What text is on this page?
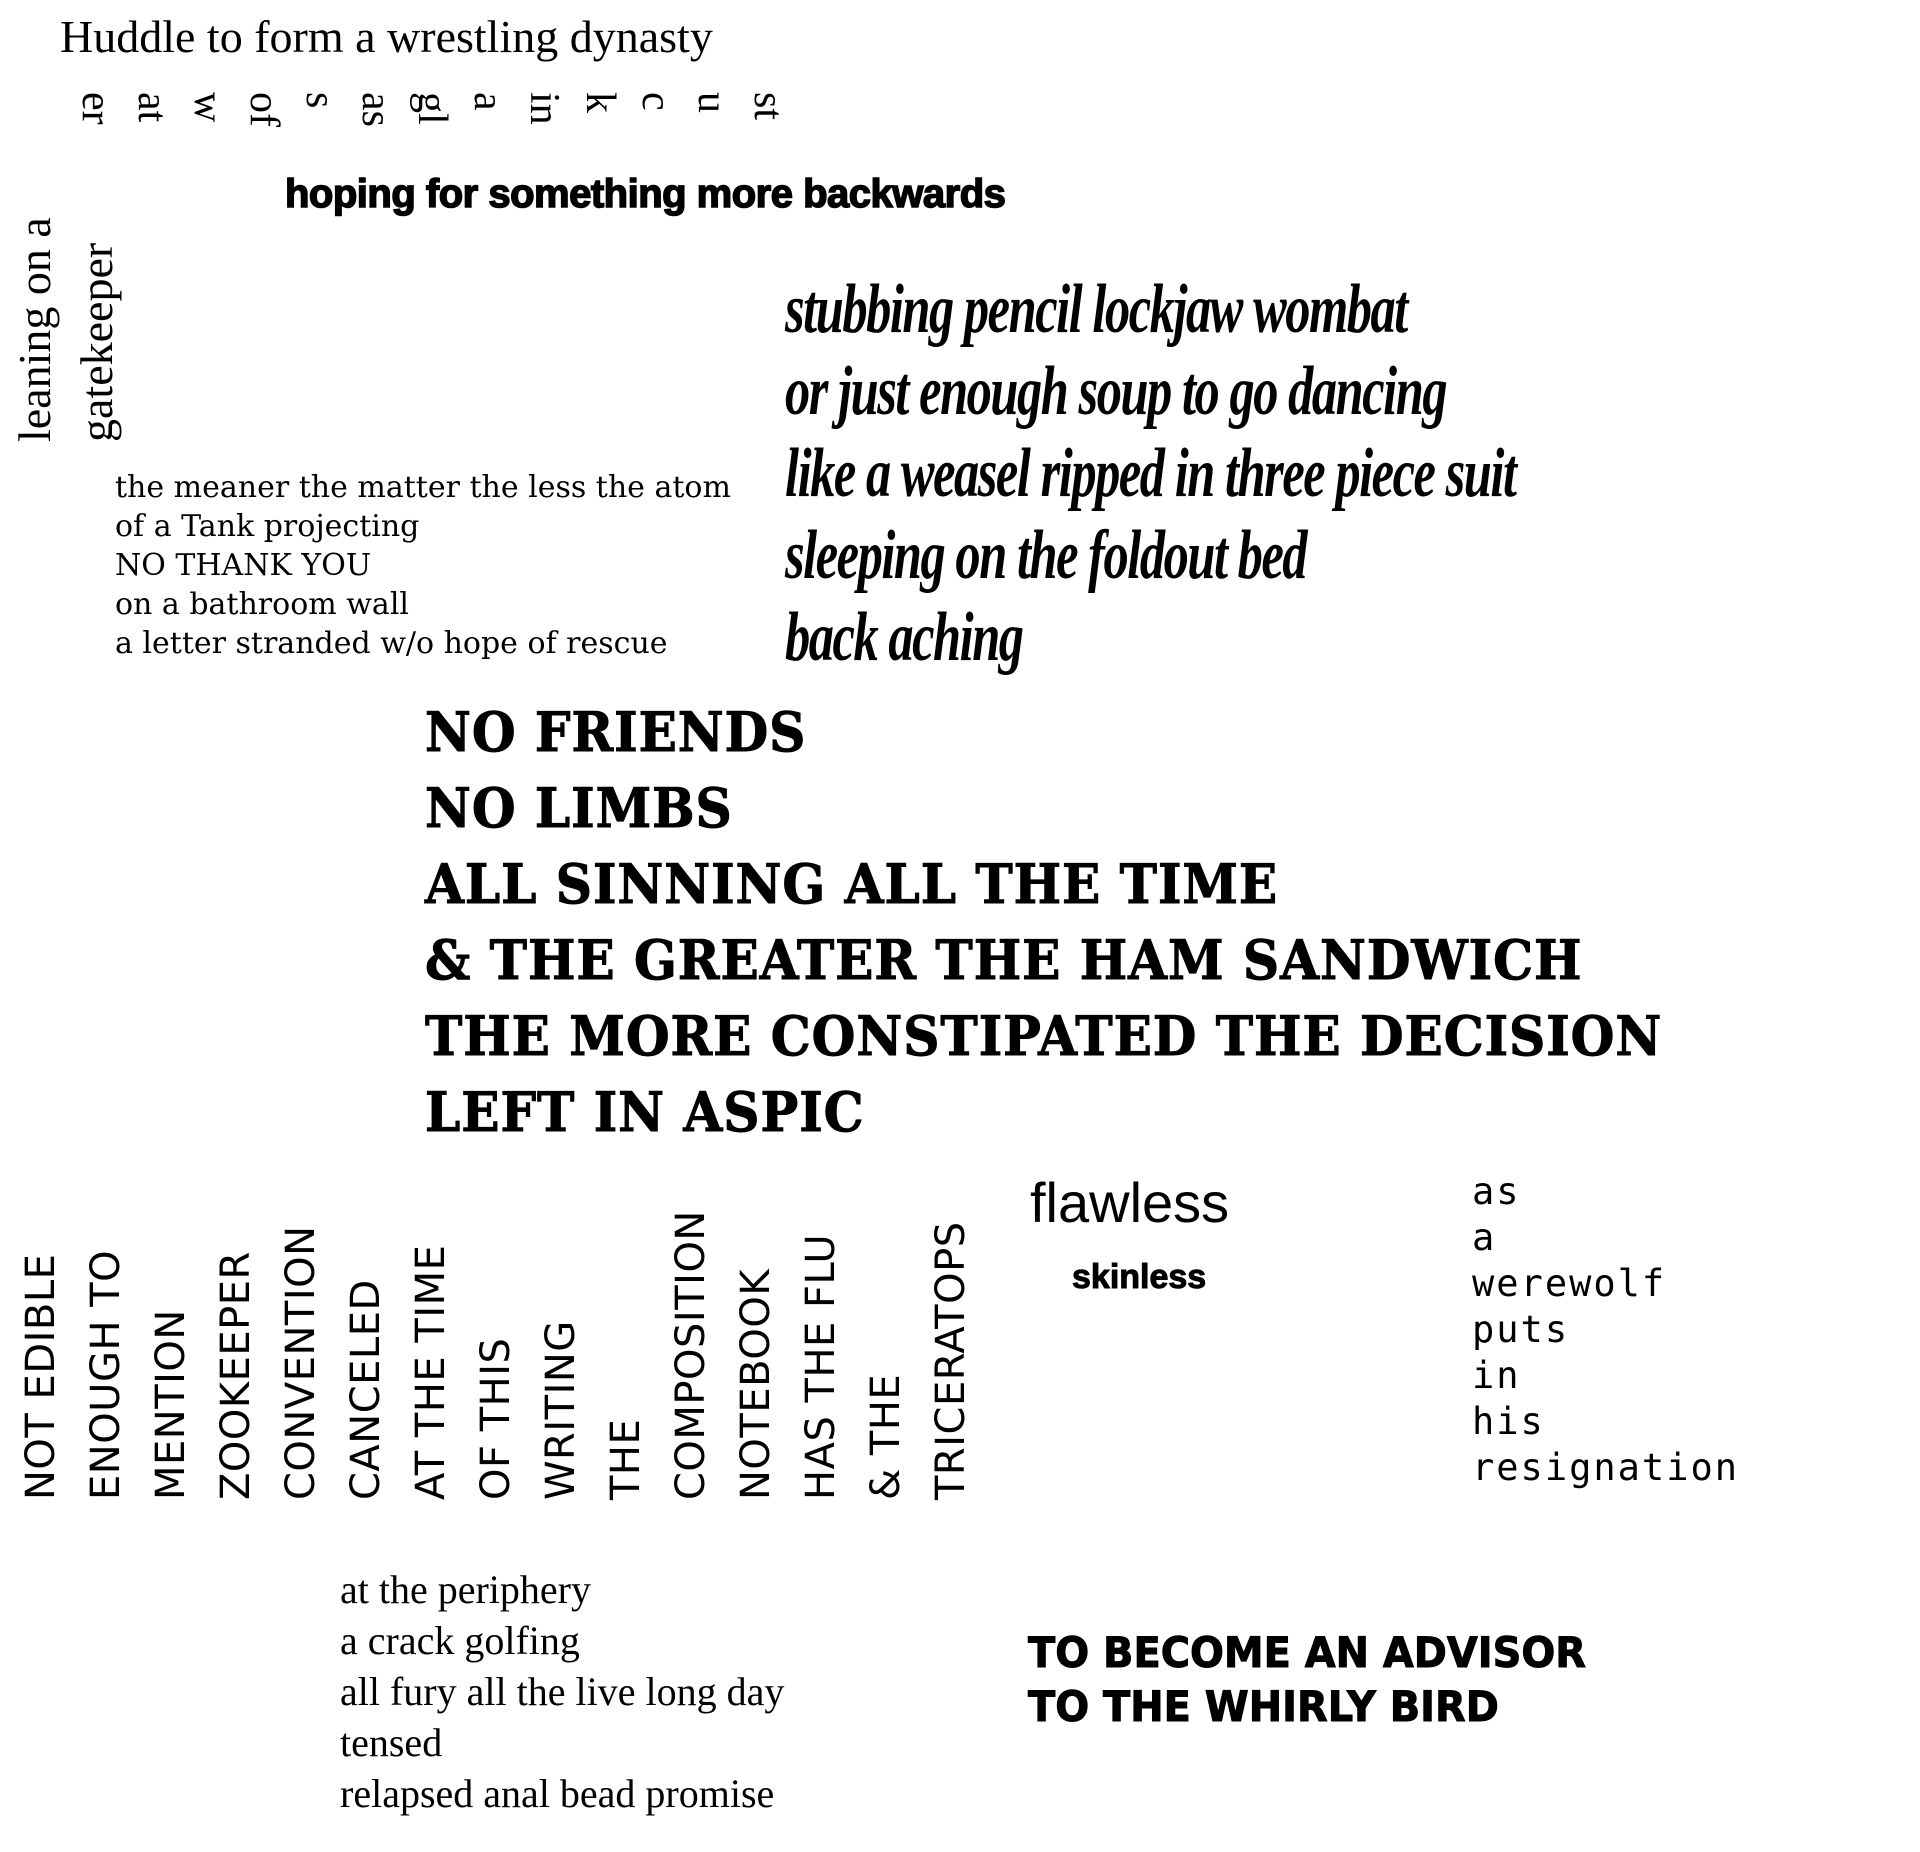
Huddle to form a wrestling dynasty
er at w of s as gl a in k c u st
hoping for something more backwards
leaning on a gatekeeper	stubbing pencil lockjaw wombat
or just enough soup to go dancing
like a weasel ripped in three piece suit
sleeping on the foldout bed
back aching
the meaner the matter the less the atom
of a Tank projecting
NO THANK YOU
on a bathroom wall
a letter stranded w/o hope of rescue
NO FRIENDS
NO LIMBS
ALL SINNING ALL THE TIME
& THE GREATER THE HAM SANDWICH
THE MORE CONSTIPATED THE DECISION
LEFT IN ASPIC
NOT EDIBLE ENOUGH TO MENTION ZOOKEEPER CONVENTION CANCELED AT THE TIME OF THIS WRITING THE COMPOSITION NOTEBOOK HAS THE FLU & THE TRICERATOPS
flawless
skinless
as
a
werewolf
puts
in
his
resignation
at the periphery
a crack golfing
all fury all the live long day
tensed
relapsed anal bead promise
TO BECOME AN ADVISOR
TO THE WHIRLY BIRD
